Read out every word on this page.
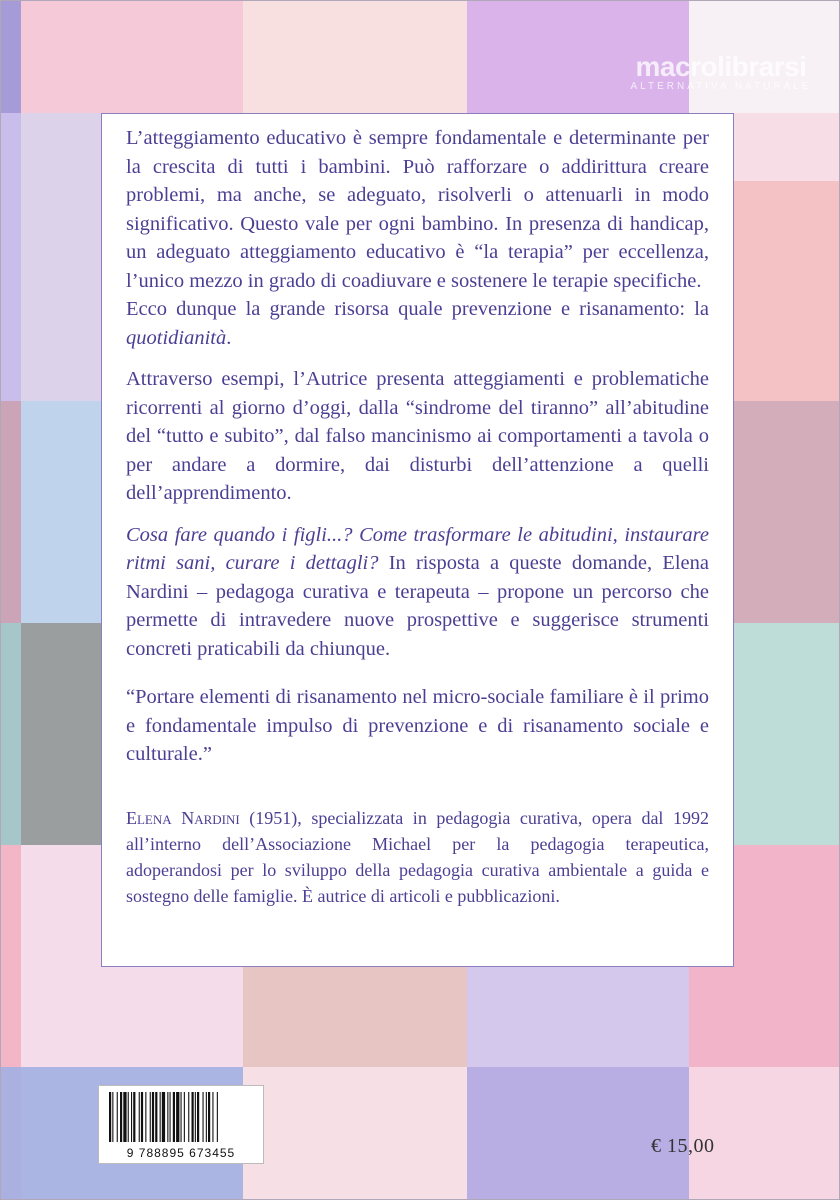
macrolibrarsi
ALTERNATIVA NATURALE

L’atteggiamento educativo è sempre fondamentale e determinante per la crescita di tutti i bambini. Può rafforzare o addirittura creare problemi, ma anche, se adeguato, risolverli o attenuarli in modo significativo. Questo vale per ogni bambino. In presenza di handicap, un adeguato atteggiamento educativo è “la terapia” per eccellenza, l’unico mezzo in grado di coadiuvare e sostenere le terapie specifiche.

Ecco dunque la grande risorsa quale prevenzione e risanamento: la quotidianità.

Attraverso esempi, l’Autrice presenta atteggiamenti e problematiche ricorrenti al giorno d’oggi, dalla “sindrome del tiranno” all’abitudine del “tutto e subito”, dal falso mancinismo ai comportamenti a tavola o per andare a dormire, dai disturbi dell’attenzione a quelli dell’apprendimento.

Cosa fare quando i figli...? Come trasformare le abitudini, instaurare ritmi sani, curare i dettagli? In risposta a queste domande, Elena Nardini – pedagoga curativa e terapeuta – propone un percorso che permette di intravedere nuove prospettive e suggerisce strumenti concreti praticabili da chiunque.

“Portare elementi di risanamento nel micro-sociale familiare è il primo e fondamentale impulso di prevenzione e di risanamento sociale e culturale.”

Elena Nardini (1951), specializzata in pedagogia curativa, opera dal 1992 all’interno dell’Associazione Michael per la pedagogia terapeutica, adoperandosi per lo sviluppo della pedagogia curativa ambientale a guida e sostegno delle famiglie. È autrice di articoli e pubblicazioni.

9 788895 673455	€ 15,00
